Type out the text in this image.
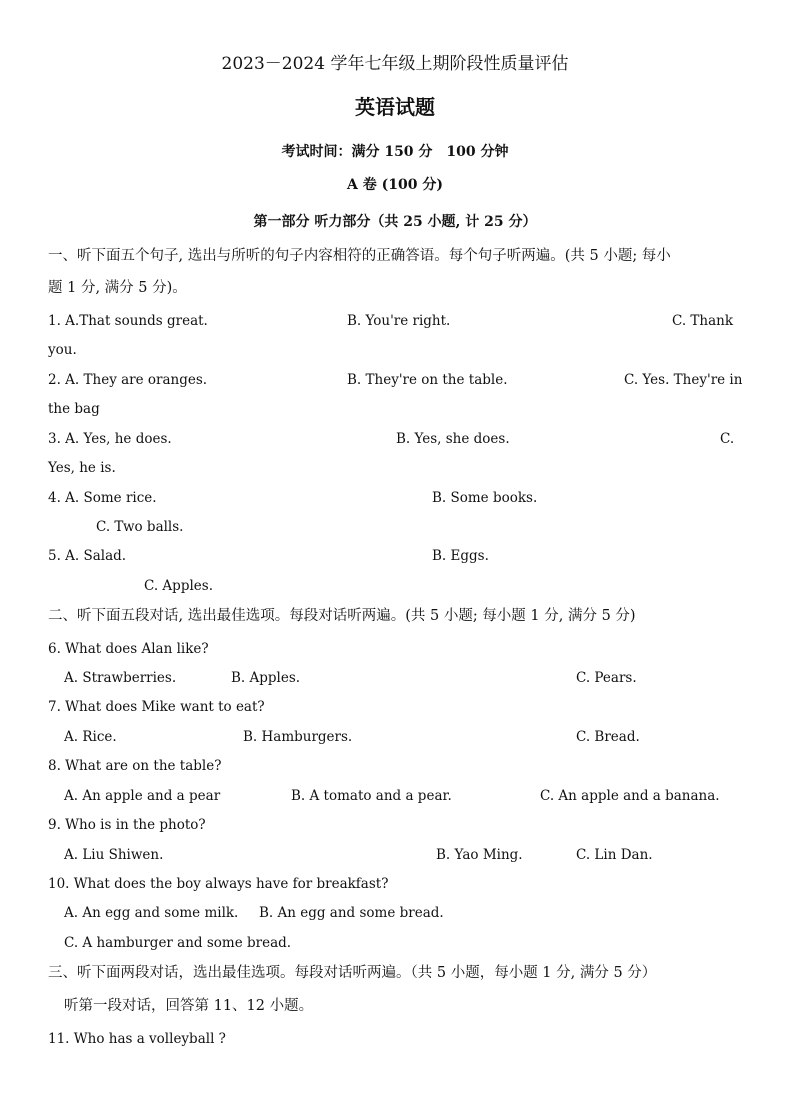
2023－2024 学年七年级上期阶段性质量评估
英语试题
考试时间：满分 150 分　100 分钟
A 卷 (100 分)
第一部分 听力部分（共 25 小题, 计 25 分）
一、听下面五个句子, 选出与所听的句子内容相符的正确答语。每个句子听两遍。(共 5 小题; 每小
题 1 分, 满分 5 分)。
1. A.That sounds great.	B. You're right.	C. Thank
you.
2. A. They are oranges.	B. They're on the table.	C. Yes. They're in
the bag
3. A. Yes, he does.	B. Yes, she does.	C.
Yes, he is.
4. A. Some rice.	B. Some books.
C. Two balls.
5. A. Salad.	B. Eggs.
C. Apples.
二、听下面五段对话, 选出最佳选项。每段对话听两遍。(共 5 小题; 每小题 1 分, 满分 5 分)
6. What does Alan like?
A. Strawberries.	B. Apples.	C. Pears.
7. What does Mike want to eat?
A. Rice.	B. Hamburgers.	C. Bread.
8. What are on the table?
A. An apple and a pear	B. A tomato and a pear.	C. An apple and a banana.
9. Who is in the photo?
A. Liu Shiwen.	B. Yao Ming.	C. Lin Dan.
10. What does the boy always have for breakfast?
A. An egg and some milk. B. An egg and some bread.
C. A hamburger and some bread.
三、听下面两段对话，选出最佳选项。每段对话听两遍。（共 5 小题，每小题 1 分, 满分 5 分）
听第一段对话，回答第 11、12 小题。
11. Who has a volleyball ?
